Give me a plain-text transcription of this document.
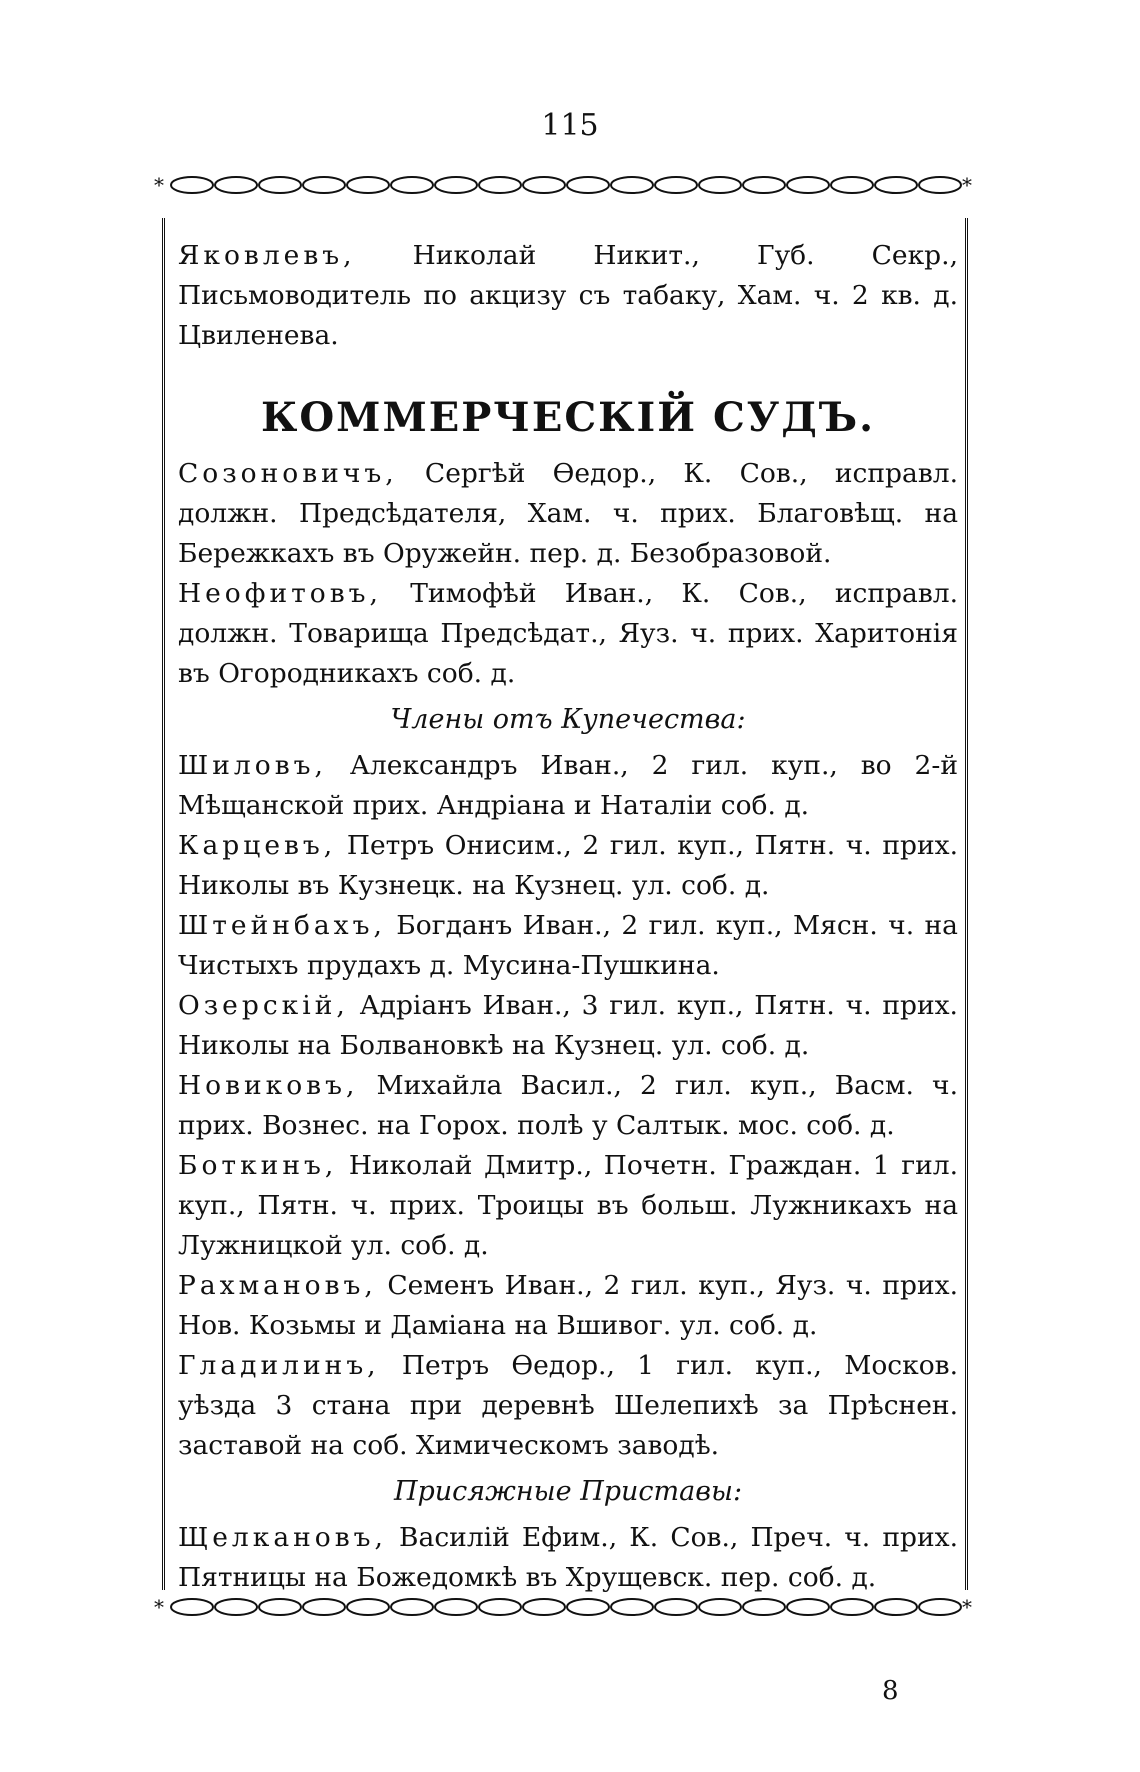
115
*	*

Яковлевъ, Николай Никит., Губ. Секр., Письмоводитель по акцизу съ табаку, Хам. ч. 2 кв. д. Цвиленева.

КОММЕРЧЕСКІЙ СУДЪ.

Созоновичъ, Сергѣй Ѳедор., К. Сов., исправл. должн. Предсѣдателя, Хам. ч. прих. Благовѣщ. на Бережкахъ въ Оружейн. пер. д. Безобразовой.

Неофитовъ, Тимофѣй Иван., К. Сов., исправл. должн. Товарища Предсѣдат., Яуз. ч. прих. Харитонія въ Огородникахъ соб. д.

Члены отъ Купечества:

Шиловъ, Александръ Иван., 2 гил. куп., во 2-й Мѣщанской прих. Андріана и Наталіи соб. д.

Карцевъ, Петръ Онисим., 2 гил. куп., Пятн. ч. прих. Николы въ Кузнецк. на Кузнец. ул. соб. д.

Штейнбахъ, Богданъ Иван., 2 гил. куп., Мясн. ч. на Чистыхъ прудахъ д. Мусина-Пушкина.

Озерскій, Адріанъ Иван., 3 гил. куп., Пятн. ч. прих. Николы на Болвановкѣ на Кузнец. ул. соб. д.

Новиковъ, Михайла Васил., 2 гил. куп., Васм. ч. прих. Вознес. на Горох. полѣ у Салтык. мос. соб. д.

Боткинъ, Николай Дмитр., Почетн. Граждан. 1 гил. куп., Пятн. ч. прих. Троицы въ больш. Лужникахъ на Лужницкой ул. соб. д.

Рахмановъ, Семенъ Иван., 2 гил. куп., Яуз. ч. прих. Нов. Козьмы и Даміана на Вшивог. ул. соб. д.

Гладилинъ, Петръ Ѳедор., 1 гил. куп., Москов. уѣзда 3 стана при деревнѣ Шелепихѣ за Прѣснен. заставой на соб. Химическомъ заводѣ.

Присяжные Приставы:

Щелкановъ, Василій Ефим., К. Сов., Преч. ч. прих. Пятницы на Божедомкѣ въ Хрущевск. пер. соб. д.

*	*
8
